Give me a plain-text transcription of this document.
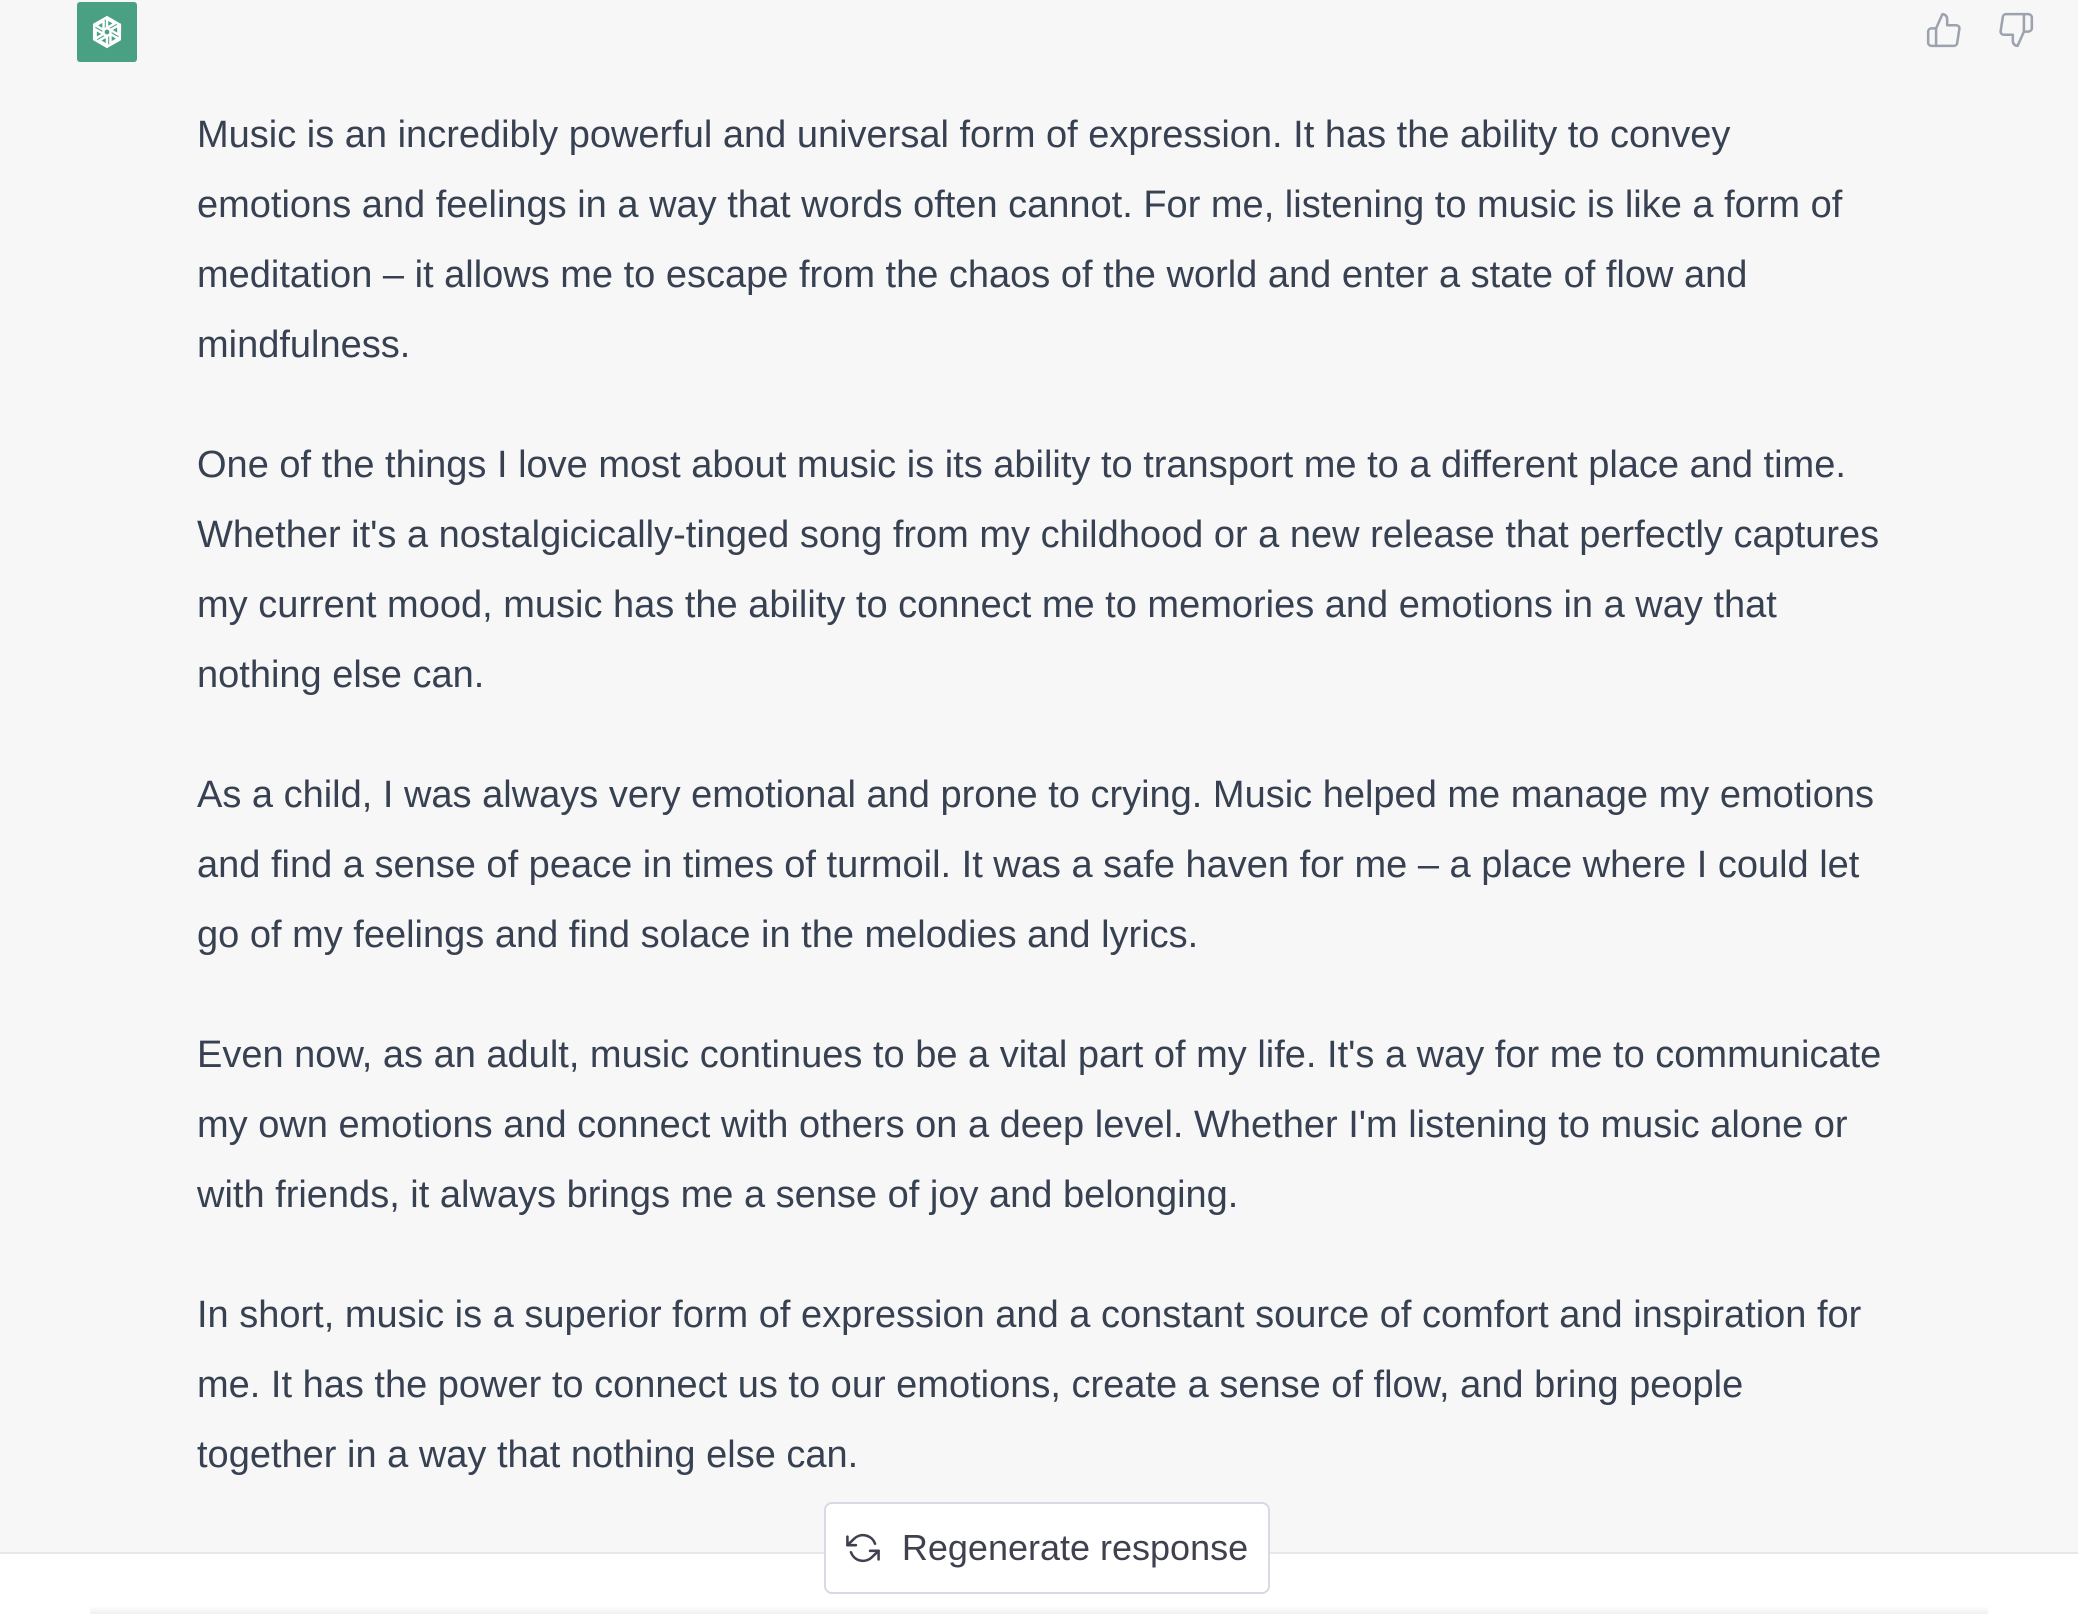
Music is an incredibly powerful and universal form of expression. It has the ability to convey emotions and feelings in a way that words often cannot. For me, listening to music is like a form of meditation – it allows me to escape from the chaos of the world and enter a state of flow and mindfulness.

One of the things I love most about music is its ability to transport me to a different place and time. Whether it's a nostalgicically-tinged song from my childhood or a new release that perfectly captures my current mood, music has the ability to connect me to memories and emotions in a way that nothing else can.

As a child, I was always very emotional and prone to crying. Music helped me manage my emotions and find a sense of peace in times of turmoil. It was a safe haven for me – a place where I could let go of my feelings and find solace in the melodies and lyrics.

Even now, as an adult, music continues to be a vital part of my life. It's a way for me to communicate my own emotions and connect with others on a deep level. Whether I'm listening to music alone or with friends, it always brings me a sense of joy and belonging.

In short, music is a superior form of expression and a constant source of comfort and inspiration for me. It has the power to connect us to our emotions, create a sense of flow, and bring people together in a way that nothing else can.

Regenerate response
